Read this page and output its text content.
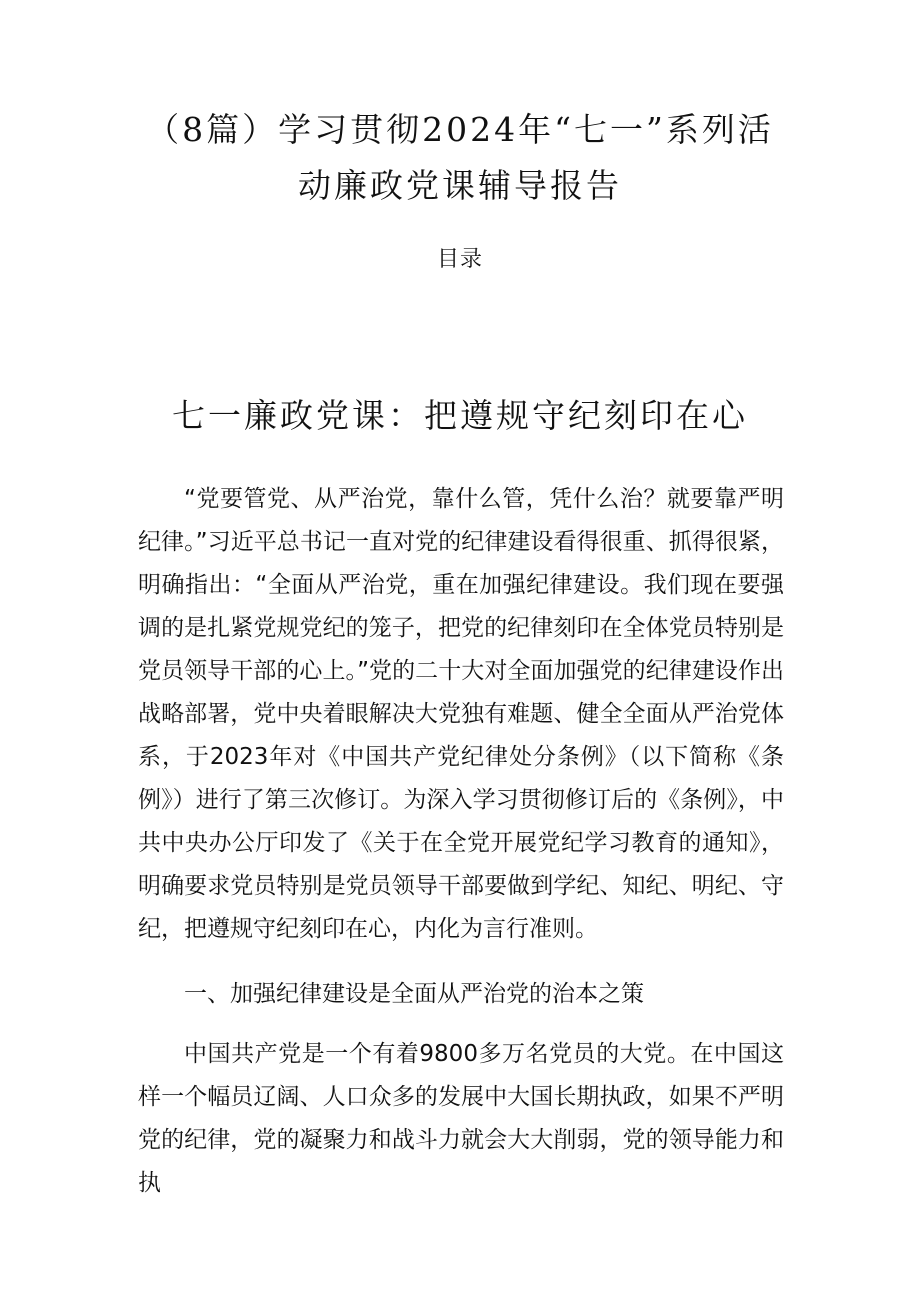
（8篇）学习贯彻2024年“七一”系列活
动廉政党课辅导报告
目录
七一廉政党课：把遵规守纪刻印在心

“党要管党、从严治党，靠什么管，凭什么治？就要靠严明纪律。”习近平总书记一直对党的纪律建设看得很重、抓得很紧，明确指出：“全面从严治党，重在加强纪律建设。我们现在要强调的是扎紧党规党纪的笼子，把党的纪律刻印在全体党员特别是党员领导干部的心上。”党的二十大对全面加强党的纪律建设作出战略部署，党中央着眼解决大党独有难题、健全全面从严治党体系，于2023年对《中国共产党纪律处分条例》（以下简称《条例》）进行了第三次修订。为深入学习贯彻修订后的《条例》，中共中央办公厅印发了《关于在全党开展党纪学习教育的通知》，明确要求党员特别是党员领导干部要做到学纪、知纪、明纪、守纪，把遵规守纪刻印在心，内化为言行准则。

一、加强纪律建设是全面从严治党的治本之策

中国共产党是一个有着9800多万名党员的大党。在中国这样一个幅员辽阔、人口众多的发展中大国长期执政，如果不严明党的纪律，党的凝聚力和战斗力就会大大削弱，党的领导能力和执
